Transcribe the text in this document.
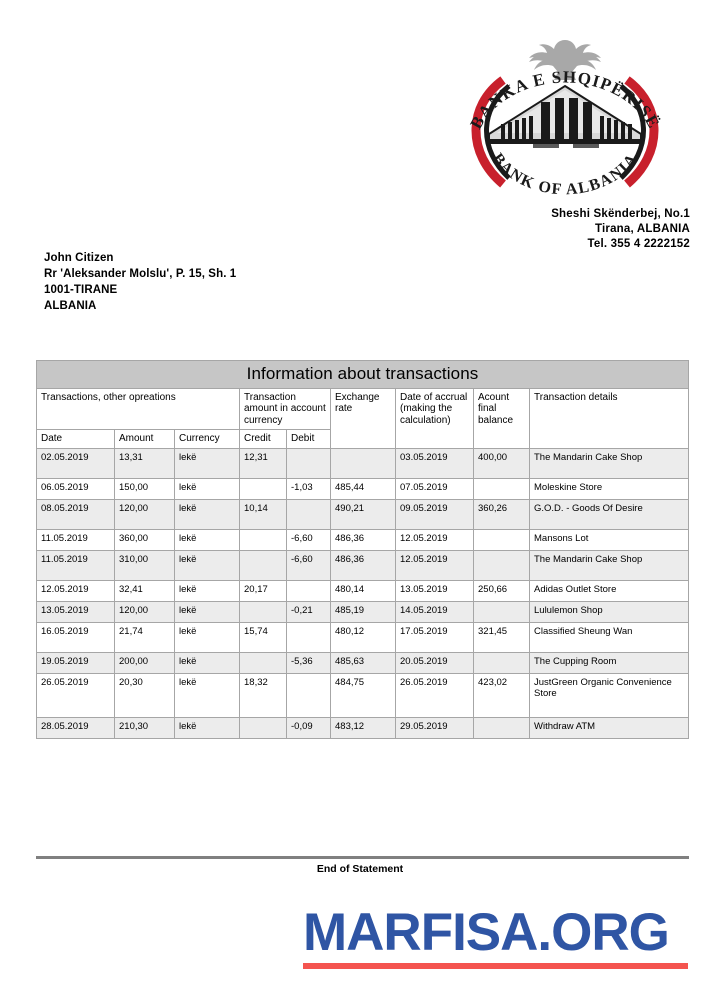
BANKA E SHQIPËRISË
BANK OF ALBANIA
Sheshi Skënderbej, No.1
Tirana, ALBANIA
Tel. 355 4 2222152
John Citizen
Rr 'Aleksander Molslu', P. 15, Sh. 1
1001-TIRANE
ALBANIA
Information about transactions								
Transactions, other opreations			Transaction amount in account currency		Exchange rate	Date of accrual (making the calculation)	Acount final balance	Transaction details
Date	Amount	Currency	Credit	Debit				
02.05.2019	13,31	lekë	12,31			03.05.2019	400,00	The Mandarin Cake Shop
06.05.2019	150,00	lekë		-1,03	485,44	07.05.2019		Moleskine Store
08.05.2019	120,00	lekë	10,14		490,21	09.05.2019	360,26	G.O.D. - Goods Of Desire
11.05.2019	360,00	lekë		-6,60	486,36	12.05.2019		Mansons Lot
11.05.2019	310,00	lekë		-6,60	486,36	12.05.2019		The Mandarin Cake Shop
12.05.2019	32,41	lekë	20,17		480,14	13.05.2019	250,66	Adidas Outlet Store
13.05.2019	120,00	lekë		-0,21	485,19	14.05.2019		Lululemon Shop
16.05.2019	21,74	lekë	15,74		480,12	17.05.2019	321,45	Classified Sheung Wan
19.05.2019	200,00	lekë		-5,36	485,63	20.05.2019		The Cupping Room
26.05.2019	20,30	lekë	18,32		484,75	26.05.2019	423,02	JustGreen Organic Convenience Store
28.05.2019	210,30	lekë		-0,09	483,12	29.05.2019		Withdraw ATM
End of Statement
MARFISA.ORG
